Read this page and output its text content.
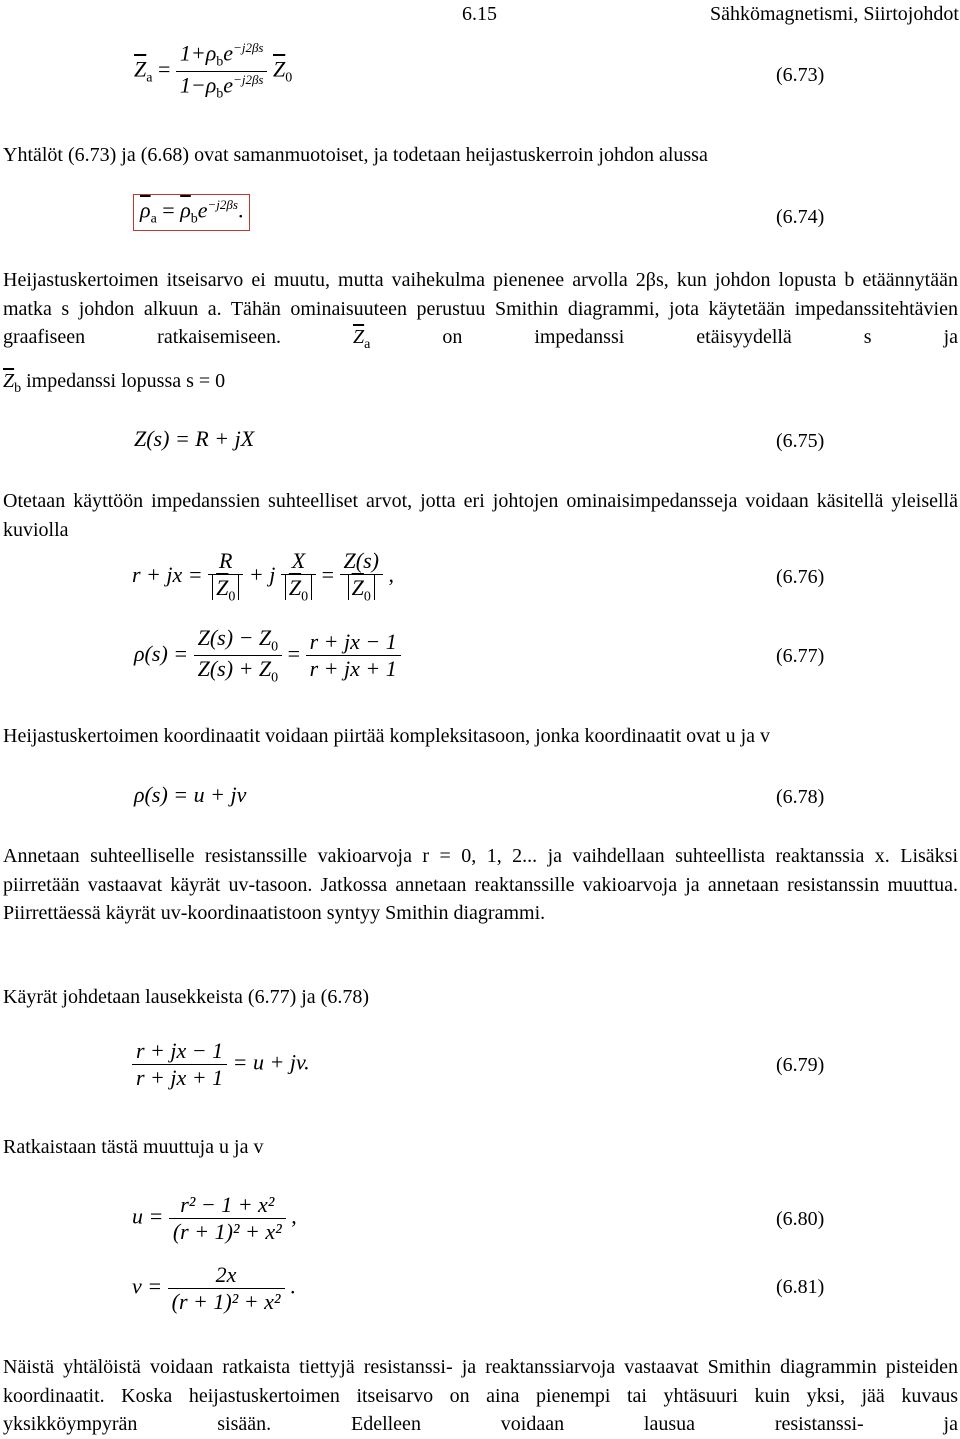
6.15	Sähkömagnetismi, Siirtojohdot
$\overline{Z}_a = \frac{1+\rho_be^{-j2\beta s}}{1-\rho_be^{-j2\beta s}} \overline{Z}_0$	(6.73)
Yhtälöt (6.73) ja (6.68) ovat samanmuotoiset, ja todetaan heijastuskerroin johdon alussa
$\overline{\rho}_a = \overline{\rho}_be^{-j2\beta s}$.	(6.74)
Heijastuskertoimen itseisarvo ei muutu, mutta vaihekulma pienenee arvolla 2βs, kun johdon lopusta b etäännytään matka s johdon alkuun a. Tähän ominaisuuteen perustuu Smithin diagrammi, jota käytetään impedanssitehtävien graafiseen ratkaisemiseen.	$\overline{Z}_a$ on impedanssi etäisyydellä s ja
$\overline{Z}_b$ impedanssi lopussa s = 0
Z(s) = R + jX	(6.75)
Otetaan käyttöön impedanssien suhteelliset arvot, jotta eri johtojen ominaisimpedansseja voidaan käsitellä yleisellä kuviolla
r + jx = $\frac{R}{\overline{Z}_0} + j \frac{X}{\overline{Z}_0} = \frac{Z(s)}{\overline{Z}_0}$ ,	(6.76)
$\rho(s) = \frac{Z(s) - Z_0}{Z(s) + Z_0} = \frac{r + jx - 1}{r + jx + 1}$	(6.77)
Heijastuskertoimen koordinaatit voidaan piirtää kompleksitasoon, jonka koordinaatit ovat u ja v
ρ(s) = u + jv	(6.78)
Annetaan suhteelliselle resistanssille vakioarvoja r = 0, 1, 2... ja vaihdellaan suhteellista reaktanssia x. Lisäksi piirretään vastaavat käyrät uv-tasoon. Jatkossa annetaan reaktanssille vakioarvoja ja annetaan resistanssin muuttua. Piirrettäessä käyrät uv-koordinaatistoon syntyy Smithin diagrammi.
Käyrät johdetaan lausekkeista (6.77) ja (6.78)
$\frac{r + jx - 1}{r + jx + 1} = u$ + jv.	(6.79)
Ratkaistaan tästä muuttuja u ja v
$u = \frac{\text{r² − 1 + x²}}{\text{(r + 1)² + x²}}$ ,	(6.80)
$v = \frac{2x}{\text{(r + 1)² + x²}}$ .	(6.81)
Näistä yhtälöistä voidaan ratkaista tiettyjä resistanssi- ja reaktanssiarvoja vastaavat Smithin diagrammin pisteiden koordinaatit. Koska heijastuskertoimen itseisarvo on aina pienempi tai yhtäsuuri kuin yksi, jää kuvaus yksikköympyrän sisään. Edelleen voidaan lausua resistanssi- ja
